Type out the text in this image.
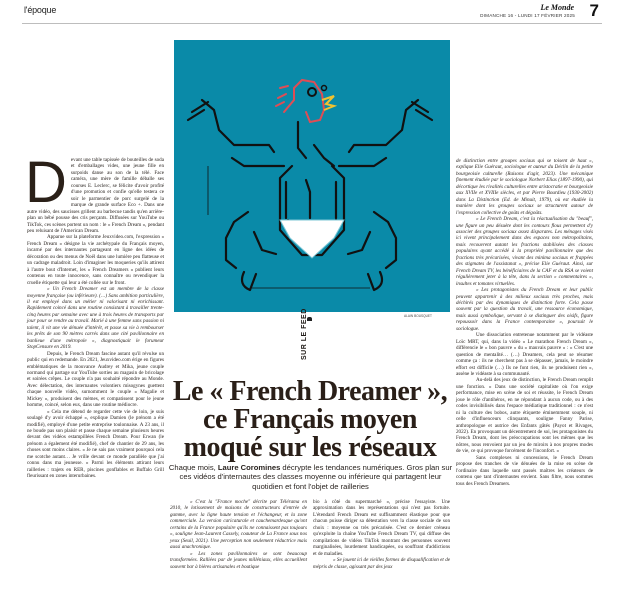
l'époque	Le Monde
DIMANCHE 16 - LUNDI 17 FÉVRIER 2025 7
ALAIN BOUSQUET
SUR LE FEED
Le « French Dreamer »,
ce Français moyen
moqué sur les réseaux
Chaque mois, Laure Coromines décrypte les tendances numériques. Gros plan sur ces vidéos d'internautes des classes moyenne ou inférieure qui partagent leur quotidien et font l'objet de railleries
D evant une table tapissée de bouteilles de soda et d'emballages vides, une jeune fille en surpoids danse au son de la télé. Face caméra, une mère de famille déballe ses courses E. Leclerc, se félicite d'avoir profité d'une promotion et confie qu'elle testera ce soir le parmentier de porc surgelé de la marque de grande surface Eco +. Dans une autre vidéo, des saucisses grillent au barbecue tandis qu'en arrière-plan un bébé pousse des cris perçants. Diffusées sur YouTube ou TikTok, ces scènes portent un nom : le « French Dream », pendant peu reluisant de l'American Dream.

Apparue sur la plateforme Jeuxvideo.com, l'expression « French Dream » désigne la vie archétypale du Français moyen, incarné par des internautes partageant en ligne des idées de décoration ou des menus de Noël dans une lumière peu flatteuse et un cadrage maladroit. Loin d'imaginer les moqueries qu'ils attirent à l'autre bout d'Internet, les « French Dreamers » publient leurs contenus en toute innocence, sans connaître ou revendiquer la cruelle étiquette qui leur a été collée sur le front.

« Un French Dreamer est un membre de la classe moyenne française (ou inférieure). (…) Sans ambition particulière, il est employé dans un métier ni valorisant ni enrichissant. Rapidement coincé dans une routine consistant à travailler trente-cinq heures par semaine avec une à trois heures de transports par jour pour se rendre au travail. Marié à une femme sans passion ni talent, il vit une vie dénuée d'intérêt, et passe sa vie à rembourser les prêts de son 90 mètres carrés dans une cité pavillonnaire en banlieue d'une métropole », diagnostiquait le forumeur StopCensure en 2019.

Depuis, le French Dream fascine autant qu'il révulse un public qui en redemande. En 2021, Jeuxvideo.com érige en figures emblématiques de la mouvance Audrey et Mika, jeune couple normand qui partage sur YouTube sorties au magasin de bricolage et soirées crêpes. Le couple n'a pas souhaité répondre au Monde. Avec délectation, des internautes volontiers misogynes guettent chaque nouvelle vidéo, surnomment le couple « Magalie et Mickey », produisent des mèmes, et compatissent pour le jeune homme, coincé, selon eux, dans une routine médiocre.

« Cela me détend de regarder cette vie de loin, je suis soulagé d'y avoir échappé », explique Damien (le prénom a été modifié), employé d'une petite entreprise toulonnaise. A 23 ans, il ne boude pas son plaisir et passe chaque semaine plusieurs heures devant des vidéos estampillées French Dream. Pour Erwan (le prénom a également été modifié), chef de chantier de 29 ans, les choses sont moins claires. « Je ne sais pas vraiment pourquoi cela me scotche autant… Je vrille devant ce monde parallèle que j'ai connu dans ma jeunesse. » Parmi les éléments attirant leurs railleries : trajets en RER, piscines gonflables et Buffalo Grill fleurissant en zones interurbaines.

« C'est la "France moche" décrite par Télérama en 2010, le lotissement de maisons de constructeurs d'entrée de gamme, avec la ligne haute tension et l'échangeur, et la zone commerciale. La version caricaturale et cauchemardesque qu'ont certains de la France populaire qu'ils ne connaissent pas toujours », souligne Jean-Laurent Cassely, coauteur de La France sous nos yeux (Seuil, 2021). Une perception non seulement réductrice mais aussi anachronique.

« Les zones pavillonnaires se sont beaucoup transformées. Ralliées par de jeunes milléniaux, elles accueillent souvent bar à bières artisanales et boutique

bio à côté du supermarché », précise l'essayiste. Une approximation dans les représentations qui n'est pas fortuite. L'étendard French Dream est suffisamment élastique pour que chacun puisse diriger sa détestation vers la classe sociale de son choix : moyenne ou très précarisée. C'est ce dernier créneau qu'exploite la chaîne YouTube French Dream TV, qui diffuse des compilations de vidéos TikTok montrant des personnes souvent marginalisées, lourdement handicapées, ou souffrant d'addictions et de maladies.

« Se jouent ici de vieilles formes de disqualification et de mépris de classe, agissant par des jeux

de distinction entre groupes sociaux qui se toisent de haut », explique Elie Guéraut, sociologue et auteur du Déclin de la petite bourgeoisie culturelle (Raisons d'agir, 2023). Une mécanique finement étudiée par le sociologue Norbert Elias (1897-1990), qui décortique les rivalités culturelles entre aristocratie et bourgeoisie aux XVIIe et XVIIIe siècles, et par Pierre Bourdieu (1930-2002) dans La Distinction (Ed. de Minuit, 1979), où est étudiée la manière dont les groupes sociaux se structurent autour de l'expression collective de goûts et dégoûts.

« Le French Dream, c'est la réactualisation du "beauf", une figure un peu désuète dont les contours flous permettent d'y associer des groupes sociaux assez disparates. Les ménages visés ici vivent principalement dans des espaces non métropolitains, mais recouvrent autant les fractions stabilisées des classes populaires ayant accédé à la propriété pavillonnaire que des fractions très précarisées, vivant des minima sociaux et frappées des stigmates de l'assistanat », précise Elie Guéraut. Ainsi, sur French Dream TV, les bénéficiaires de la CAF et du RSA se voient régulièrement jeter à la tête, dans la section « commentaires », insultes et tomates virtuelles.

« Les protagonistes du French Dream et leur public peuvent appartenir à des milieux sociaux très proches, mais déchirés par des dynamiques de distinction forte. Cela passe souvent par la question du travail, une ressource économique, mais aussi symbolique, servant à se distinguer des oisifs, figure repoussoir dans la France contemporaine », poursuit le sociologue.

Une dissociation entretenue notamment par le vidéaste Loïc MRT, qui, dans la vidéo « Le marathon French Dream », différencie le « bon pauvre » du « mauvais pauvre » : « C'est une question de mentalité… (…) Dreamers, cela peut se résumer comme ça : ils ne cherchent pas à se dépasser, jamais, le moindre effort est difficile (…) Ils ne font rien, ils ne produisent rien », assène le vidéaste à sa communauté.

Au-delà des jeux de distinction, le French Dream remplit une fonction. « Dans une société capitaliste où l'on exige performance, mise en scène de soi et réussite, le French Dream joue le rôle d'antihéros, en ne répondant à aucun code, ou à des codes invisibilisés dans l'espace médiatique traditionnel : ce n'est ni la culture des bobos, autre étiquette éminemment souple, ni celle d'influenceurs clinquants, souligne Fanny Parise, anthropologue et autrice des Enfants gâtés (Payot et Rivages, 2022). En provoquant un décentrement de soi, les protagonistes du French Dream, dont les préoccupations sont les mêmes que les nôtres, nous renvoient par un jeu de miroirs à nos propres modes de vie, ce qui provoque forcément de l'inconfort. »

Sans complexes ni concessions, le French Dream propose des tranches de vie dénuées de la mise en scène de l'ordinaire dans laquelle sont passés maîtres les créateurs de contenu que tant d'internautes envient. Sans filtre, nous sommes tous des French Dreamers.
